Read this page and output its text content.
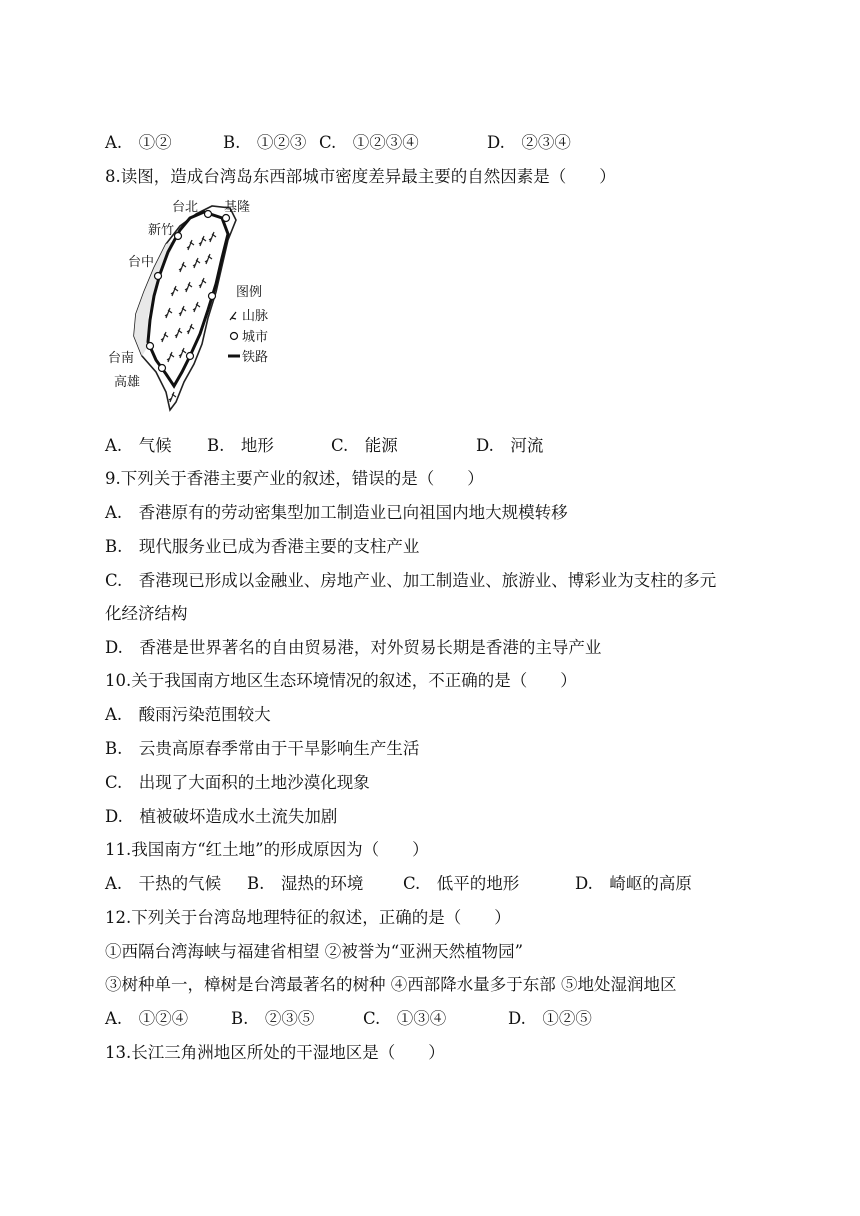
A.　①②	B.　①②③ C.　①②③④	D.　②③④
8.读图，造成台湾岛东西部城市密度差异最主要的自然因素是（　　）
台北 基隆
新竹
台中
台南
高雄
图例
山脉
城市
铁路
A.　气候 B.　地形	C.　能源	D.　河流
9.下列关于香港主要产业的叙述，错误的是（　　）
A.　香港原有的劳动密集型加工制造业已向祖国内地大规模转移
B.　现代服务业已成为香港主要的支柱产业
C.　香港现已形成以金融业、房地产业、加工制造业、旅游业、博彩业为支柱的多元
化经济结构
D.　香港是世界著名的自由贸易港，对外贸易长期是香港的主导产业
10.关于我国南方地区生态环境情况的叙述，不正确的是（　　）
A.　酸雨污染范围较大
B.　云贵高原春季常由于干旱影响生产生活
C.　出现了大面积的土地沙漠化现象
D.　植被破坏造成水土流失加剧
11.我国南方“红土地”的形成原因为（　　）
A.　干热的气候 B.　湿热的环境 C.　低平的地形	D.　崎岖的高原
12.下列关于台湾岛地理特征的叙述，正确的是（　　）
①西隔台湾海峡与福建省相望 ②被誉为“亚洲天然植物园”
③树种单一，樟树是台湾最著名的树种 ④西部降水量多于东部 ⑤地处湿润地区
A.　①②④	B.　②③⑤	C.　①③④	D.　①②⑤
13.长江三角洲地区所处的干湿地区是（　　）
